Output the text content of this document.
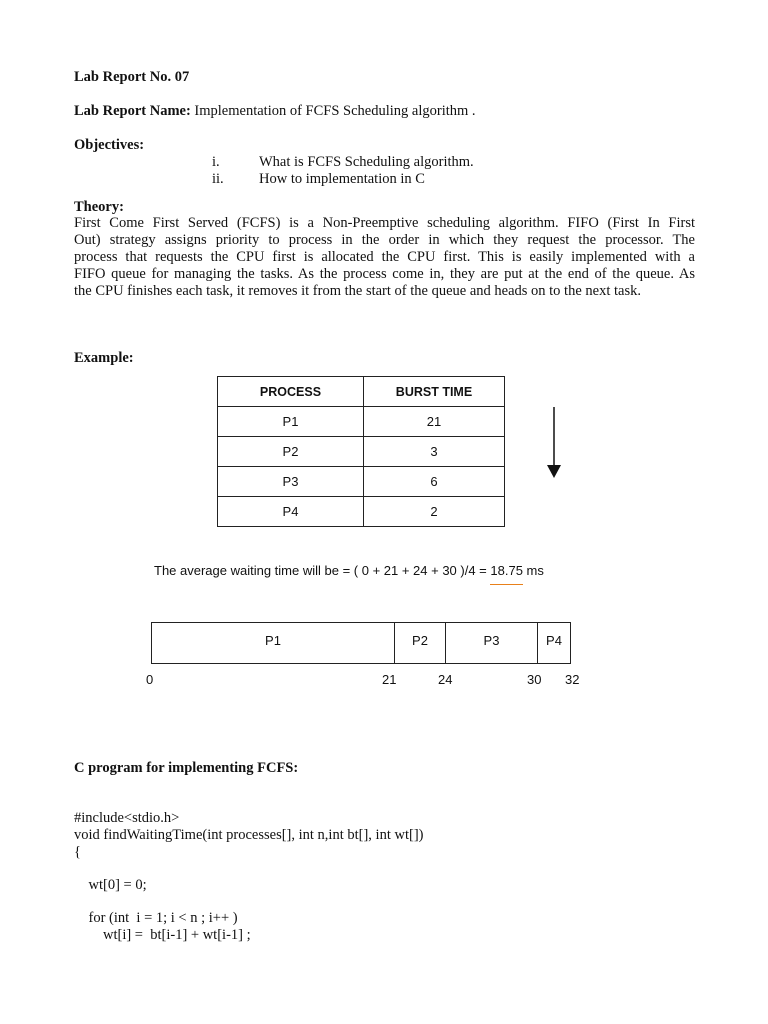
Lab Report No. 07
Lab Report Name: Implementation of FCFS Scheduling algorithm .
Objectives:
i.	What is FCFS Scheduling algorithm.
ii. How to implementation in C
Theory:
First Come First Served (FCFS) is a Non-Preemptive scheduling algorithm. FIFO (First In First
Out) strategy assigns priority to process in the order in which they request the processor. The
process that requests the CPU first is allocated the CPU first. This is easily implemented with a
FIFO queue for managing the tasks. As the process come in, they are put at the end of the queue. As
the CPU finishes each task, it removes it from the start of the queue and heads on to the next task.
Example:
PROCESS	BURST TIME
P1	21
P2	3
P3	6
P4	2
The average waiting time will be = ( 0 + 21 + 24 + 30 )/4 = 18.75 ms
P1	P2	P3	P4
0	21	24	30 32
C program for implementing FCFS:
#include<stdio.h>
void findWaitingTime(int processes[], int n,int bt[], int wt[])
{
wt[0] = 0;
for (int  i = 1; i < n ; i++ )
wt[i] =  bt[i-1] + wt[i-1] ;
